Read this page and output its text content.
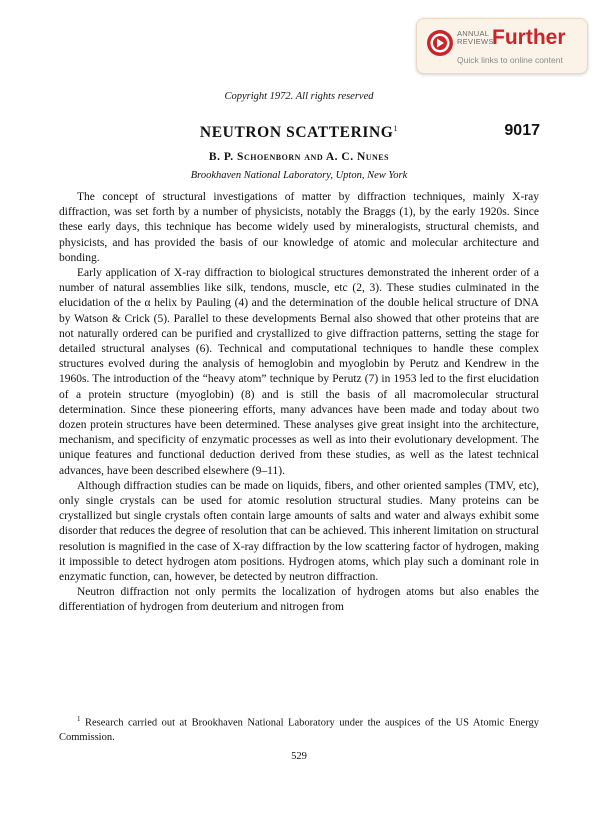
ANNUAL
REVIEWS
Further
Quick links to online content
Copyright 1972. All rights reserved
NEUTRON SCATTERING$^1$	9017
B. P. Schoenborn and A. C. Nunes
Brookhaven National Laboratory, Upton, New York

The concept of structural investigations of matter by diffraction techniques, mainly X-ray diffraction, was set forth by a number of physicists, notably the Braggs (1), by the early 1920s. Since these early days, this technique has become widely used by mineralogists, structural chemists, and physicists, and has provided the basis of our knowledge of atomic and molecular architecture and bonding.

Early application of X-ray diffraction to biological structures demonstrated the inherent order of a number of natural assemblies like silk, tendons, muscle, etc (2, 3). These studies culminated in the elucidation of the α helix by Pauling (4) and the determination of the double helical structure of DNA by Watson & Crick (5). Parallel to these developments Bernal also showed that other proteins that are not naturally ordered can be purified and crystallized to give diffraction patterns, setting the stage for detailed structural analyses (6). Technical and computational techniques to handle these complex structures evolved during the analysis of hemoglobin and myoglobin by Perutz and Kendrew in the 1960s. The introduction of the “heavy atom” technique by Perutz (7) in 1953 led to the first elucidation of a protein structure (myoglobin) (8) and is still the basis of all macromolecular structural determination. Since these pioneering efforts, many advances have been made and today about two dozen protein structures have been determined. These analyses give great insight into the architecture, mechanism, and specificity of enzymatic processes as well as into their evolutionary development. The unique features and functional deduction derived from these studies, as well as the latest technical advances, have been described elsewhere (9–11).

Although diffraction studies can be made on liquids, fibers, and other oriented samples (TMV, etc), only single crystals can be used for atomic resolution structural studies. Many proteins can be crystallized but single crystals often contain large amounts of salts and water and always exhibit some disorder that reduces the degree of resolution that can be achieved. This inherent limitation on structural resolution is magnified in the case of X-ray diffraction by the low scattering factor of hydrogen, making it impossible to detect hydrogen atom positions. Hydrogen atoms, which play such a dominant role in enzymatic function, can, however, be detected by neutron diffraction.

Neutron diffraction not only permits the localization of hydrogen atoms but also enables the differentiation of hydrogen from deuterium and nitrogen from

$^1$ Research carried out at Brookhaven National Laboratory under the auspices of the US Atomic Energy Commission.

529
